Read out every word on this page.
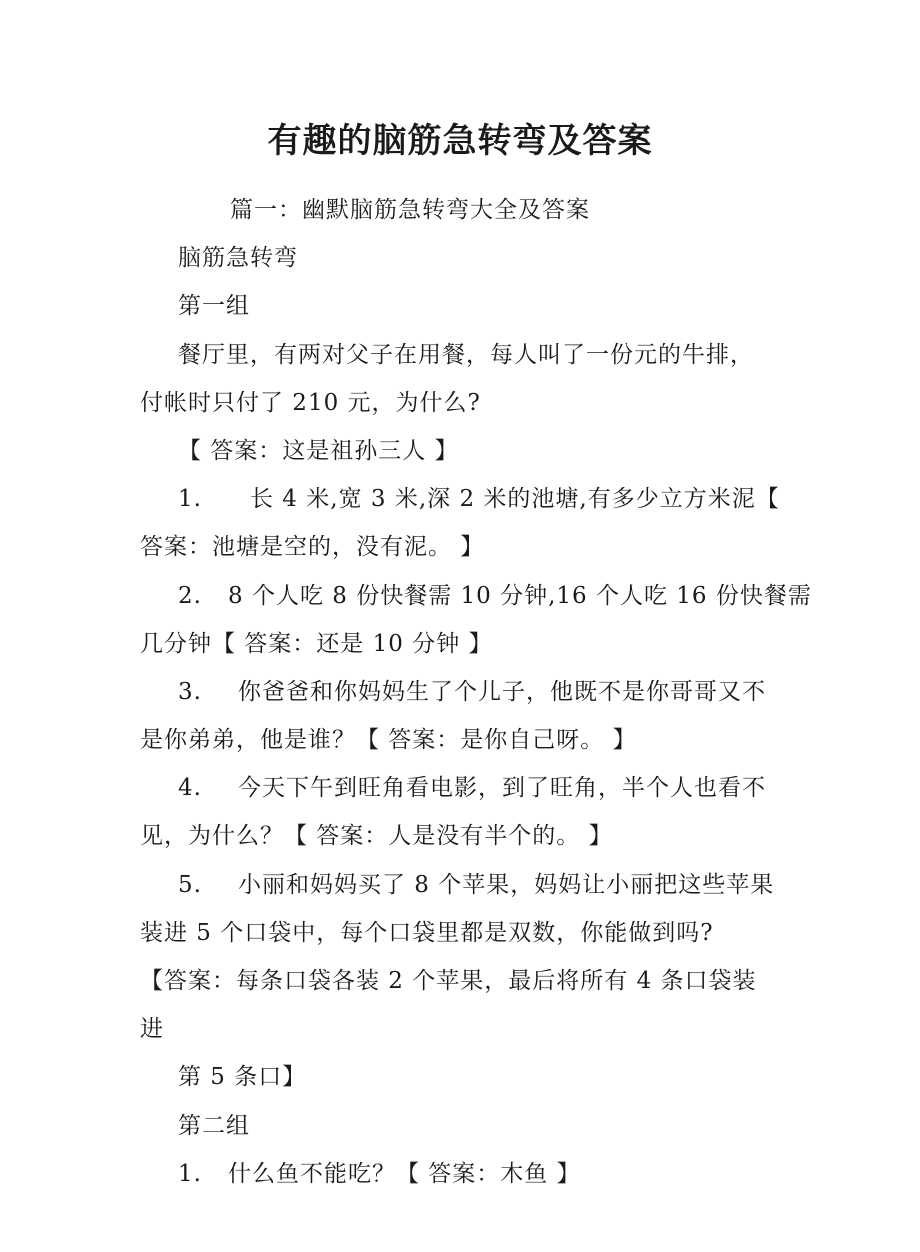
有趣的脑筋急转弯及答案
篇一：幽默脑筋急转弯大全及答案
脑筋急转弯
第一组
餐厅里，有两对父子在用餐，每人叫了一份元的牛排，
付帐时只付了 210 元，为什么?
【 答案：这是祖孙三人 】
1. 长 4 米,宽 3 米,深 2 米的池塘,有多少立方米泥【
答案：池塘是空的，没有泥。 】
2. 8 个人吃 8 份快餐需 10 分钟,16 个人吃 16 份快餐需
几分钟【 答案：还是 10 分钟 】
3. 你爸爸和你妈妈生了个儿子，他既不是你哥哥又不
是你弟弟，他是谁？【 答案：是你自己呀。 】
4. 今天下午到旺角看电影，到了旺角，半个人也看不
见，为什么？【 答案：人是没有半个的。 】
5. 小丽和妈妈买了 8 个苹果，妈妈让小丽把这些苹果
装进 5 个口袋中，每个口袋里都是双数，你能做到吗?
【答案：每条口袋各装 2 个苹果，最后将所有 4 条口袋装
进
第 5 条口】
第二组
1. 什么鱼不能吃？【 答案：木鱼 】
